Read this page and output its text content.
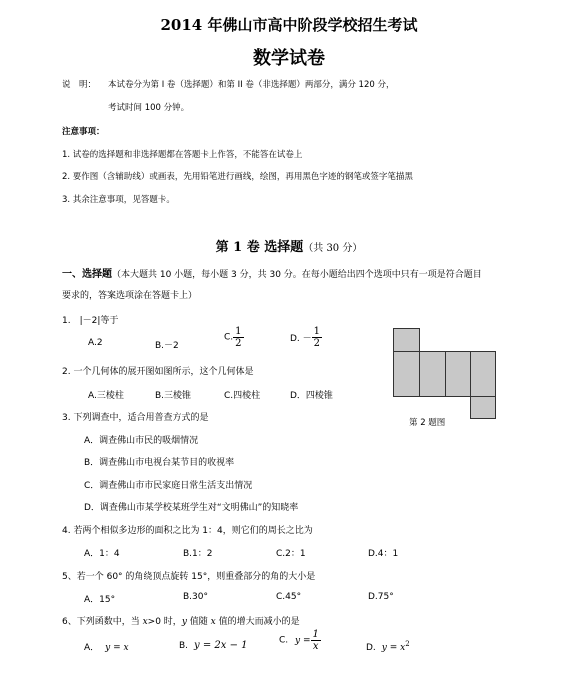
2014 年佛山市高中阶段学校招生考试
数学试卷
说　明： 本试卷分为第 I 卷（选择题）和第 II 卷（非选择题）两部分，满分 120 分，
考试时间 100 分钟。
注意事项：
1. 试卷的选择题和非选择题都在答题卡上作答，不能答在试卷上
2. 要作图（含辅助线）或画表，先用铅笔进行画线，绘图，再用黑色字迹的钢笔或签字笔描黑
3. 其余注意事项，见答题卡。
第 1 卷 选择题（共 30 分）
一、选择题（本大题共 10 小题，每小题 3 分，共 30 分。在每小题给出四个选项中只有一项是符合题目
要求的，答案选项涂在答题卡上）
1.　|－2|等于
A.2	B.－2
C. $\frac{1}{2}$	D. － $\frac{1}{2}$
第 2 题图
2. 一个几何体的展开图如图所示，这个几何体是
A.三棱柱	B.三棱锥	C.四棱柱	D．四棱锥
3. 下列调查中，适合用普查方式的是
A．调查佛山市民的吸烟情况
B．调查佛山市电视台某节目的收视率
C．调查佛山市市民家庭日常生活支出情况
D．调查佛山市某学校某班学生对“文明佛山”的知晓率
4. 若两个相似多边形的面积之比为 1：4，则它们的周长之比为
A．1：4	B.1：2	C.2：1	D.4：1
5、若一个 60° 的角绕顶点旋转 15°，则重叠部分的角的大小是
A．15°	B.30°	C.45°	D.75°
6、下列函数中，当 x>0 时，y 值随 x 值的增大而减小的是
A． y = x	B. y = 2x − 1	C. $y = \frac{1}{x}$	D. $y = x^2$
